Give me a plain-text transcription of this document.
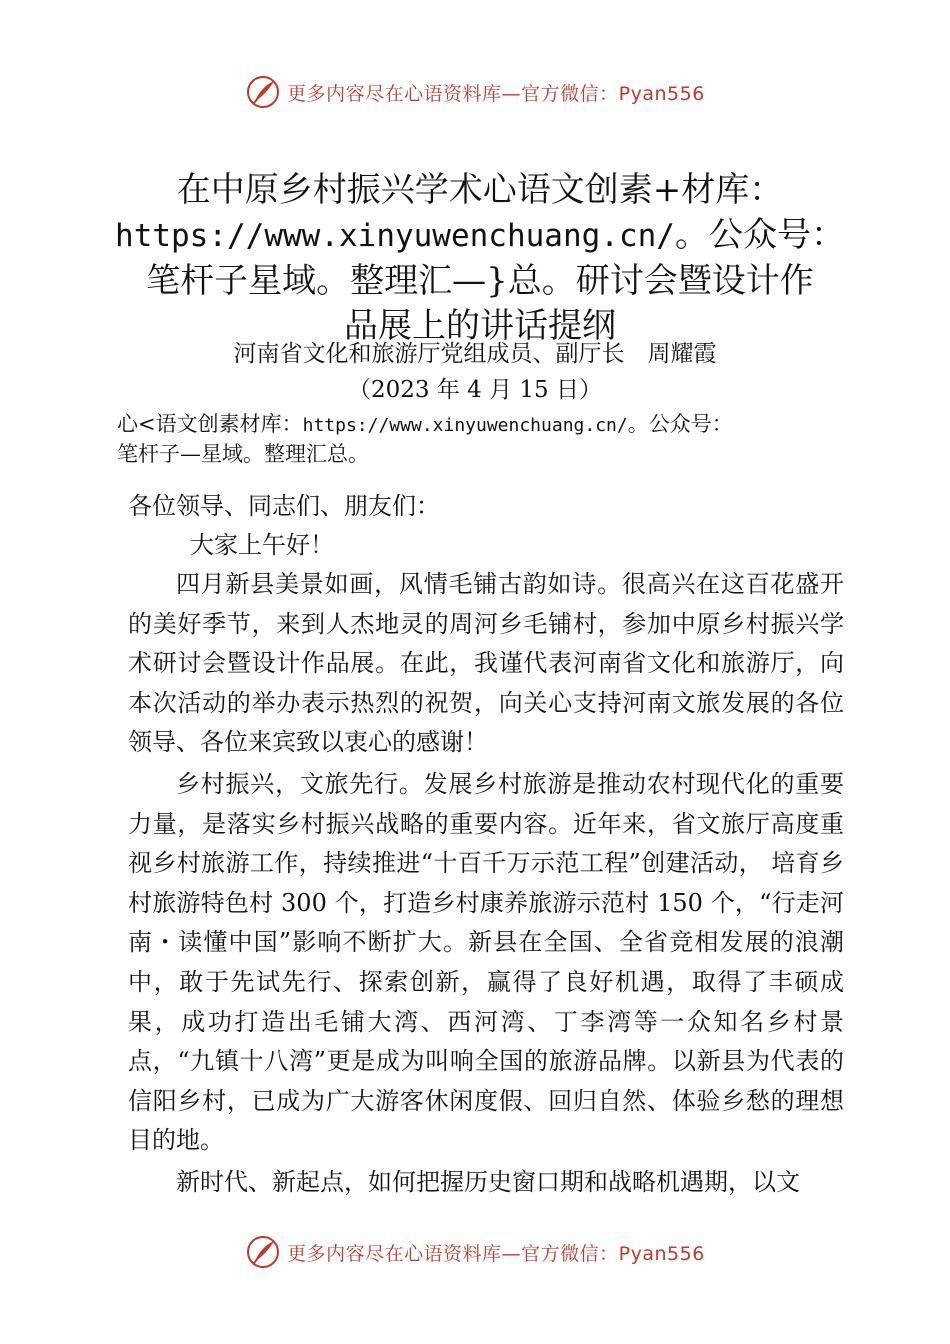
更多内容尽在心语资料库—官方微信：Pyan556
在中原乡村振兴学术心语文创素+材库：
https://www.xinyuwenchuang.cn/。公众号：
笔杆子星域。整理汇—}总。研讨会暨设计作
品展上的讲话提纲
河南省文化和旅游厅党组成员、副厅长　周耀霞
（2023 年 4 月 15 日）
心<语文创素材库：https://www.xinyuwenchuang.cn/。公众号：
笔杆子—星域。整理汇总。
各位领导、同志们、朋友们：
大家上午好！

四月新县美景如画，风情毛铺古韵如诗。很高兴在这百花盛开的美好季节，来到人杰地灵的周河乡毛铺村，参加中原乡村振兴学术研讨会暨设计作品展。在此，我谨代表河南省文化和旅游厅，向本次活动的举办表示热烈的祝贺，向关心支持河南文旅发展的各位领导、各位来宾致以衷心的感谢！

乡村振兴，文旅先行。发展乡村旅游是推动农村现代化的重要力量，是落实乡村振兴战略的重要内容。近年来，省文旅厅高度重视乡村旅游工作，持续推进“十百千万示范工程”创建活动， 培育乡村旅游特色村 300 个，打造乡村康养旅游示范村 150 个，“行走河南・读懂中国”影响不断扩大。新县在全国、全省竞相发展的浪潮中，敢于先试先行、探索创新，赢得了良好机遇，取得了丰硕成果，成功打造出毛铺大湾、西河湾、丁李湾等一众知名乡村景点，“九镇十八湾”更是成为叫响全国的旅游品牌。以新县为代表的信阳乡村，已成为广大游客休闲度假、回归自然、体验乡愁的理想目的地。

新时代、新起点，如何把握历史窗口期和战略机遇期，以文

更多内容尽在心语资料库—官方微信：Pyan556
